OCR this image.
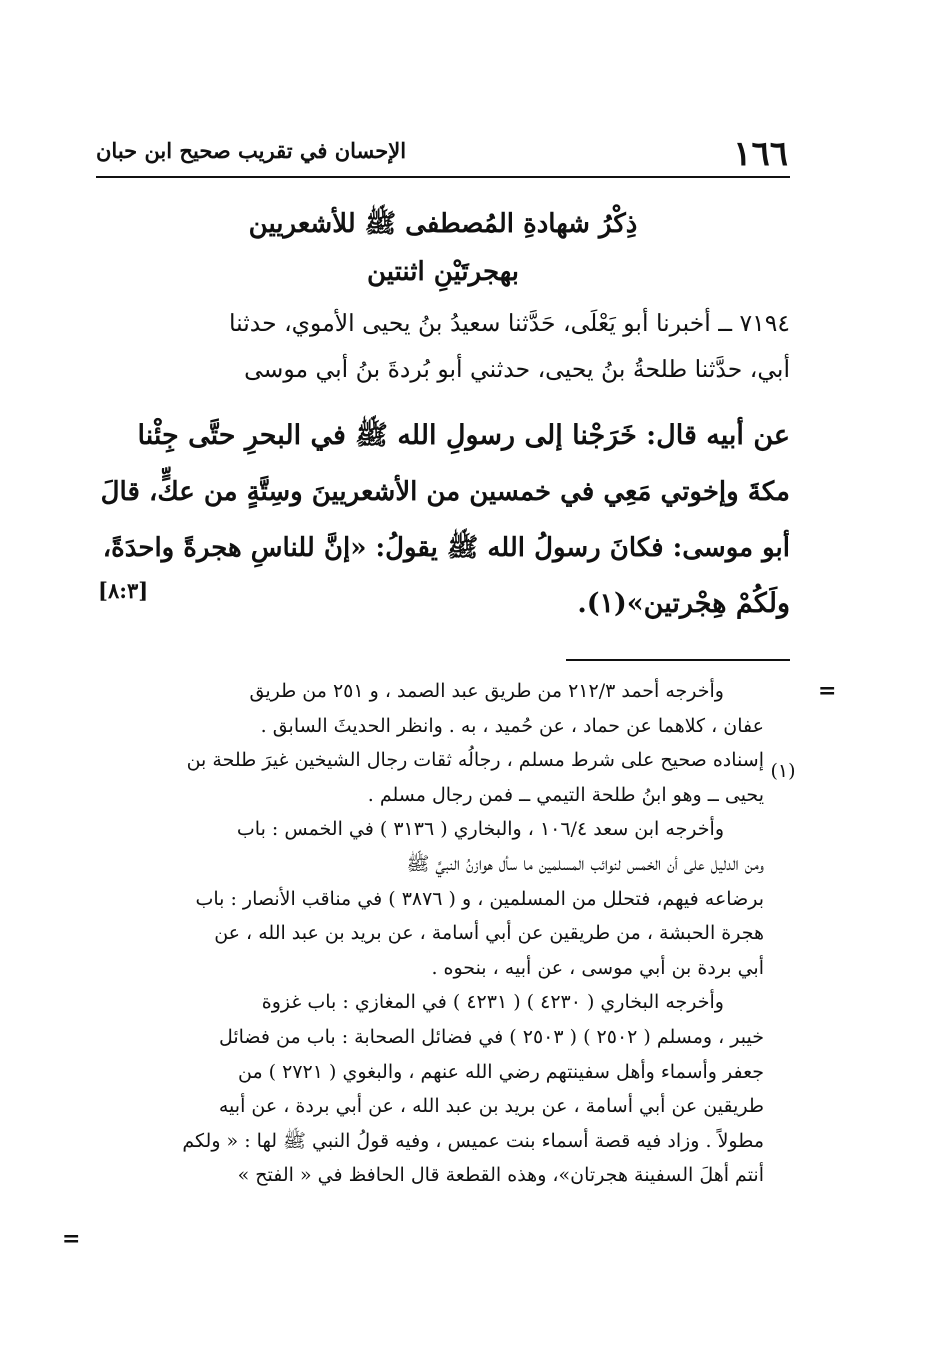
١٦٦
الإحسان في تقريب صحيح ابن حبان
ذِكْرُ شهادةِ المُصطفى ﷺ للأشعريين
بهجرتَيْنِ اثنتين
٧١٩٤ ــ أخبرنا أبو يَعْلَى، حَدَّثنا سعيدُ بنُ يحيى الأموي، حدثنا
أبي، حدَّثنا طلحةُ بنُ يحيى، حدثني أبو بُردةَ بنُ أبي موسى
عن أبيه قال: خَرَجْنا إلى رسولِ الله ﷺ في البحرِ حتَّى جِئْنا
مكةَ وإخوتي مَعِي في خمسين من الأشعريينَ وسِتَّةٍ من عكٍّ، قالَ
أبو موسى: فكانَ رسولُ الله ﷺ يقولُ: «إنَّ للناسِ هجرةً واحدَةً،
ولَكُمْ هِجْرتين»(١).
[٨:٣]
=
(١)
وأخرجه أحمد ٢١٢/٣ من طريق عبد الصمد ، و ٢٥١ من طريق
عفان ، كلاهما عن حماد ، عن حُميد ، به . وانظر الحديثَ السابق .
إسناده صحيح على شرط مسلم ، رجالُه ثقات رجال الشيخين غيرَ طلحة بن
يحيى ــ وهو ابنُ طلحة التيمي ــ فمن رجال مسلم .
وأخرجه ابن سعد ١٠٦/٤ ، والبخاري ( ٣١٣٦ ) في الخمس : باب
ومن الدليل على أن الخمس لنوائب المسلمين ما سأل هوازنُ النبيَّ ﷺ
برضاعه فيهم، فتحلل من المسلمين ، و ( ٣٨٧٦ ) في مناقب الأنصار : باب
هجرة الحبشة ، من طريقين عن أبي أسامة ، عن بريد بن عبد الله ، عن
أبي بردة بن أبي موسى ، عن أبيه ، بنحوه .
وأخرجه البخاري ( ٤٢٣٠ ) ( ٤٢٣١ ) في المغازي : باب غزوة
خيبر ، ومسلم ( ٢٥٠٢ ) ( ٢٥٠٣ ) في فضائل الصحابة : باب من فضائل
جعفر وأسماء وأهل سفينتهم رضي الله عنهم ، والبغوي ( ٢٧٢١ ) من
طريقين عن أبي أسامة ، عن بريد بن عبد الله ، عن أبي بردة ، عن أبيه
مطولاً . وزاد فيه قصة أسماء بنت عميس ، وفيه قولُ النبي ﷺ لها : « ولكم
أنتم أهلَ السفينة هجرتان»، وهذه القطعة قال الحافظ في « الفتح »
=
